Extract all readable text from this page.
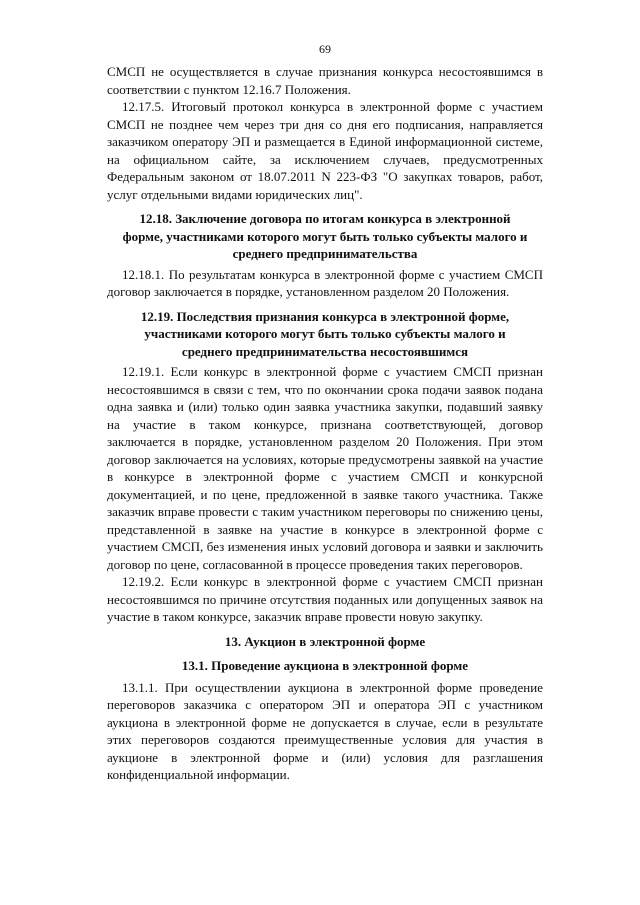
69

СМСП не осуществляется в случае признания конкурса несостоявшимся в соответствии с пунктом 12.16.7 Положения.

12.17.5. Итоговый протокол конкурса в электронной форме с участием СМСП не позднее чем через три дня со дня его подписания, направляется заказчиком оператору ЭП и размещается в Единой информационной системе, на официальном сайте, за исключением случаев, предусмотренных Федеральным законом от 18.07.2011 N 223-ФЗ "О закупках товаров, работ, услуг отдельными видами юридических лиц".

12.18. Заключение договора по итогам конкурса в электронной форме, участниками которого могут быть только субъекты малого и среднего предпринимательства

12.18.1. По результатам конкурса в электронной форме с участием СМСП договор заключается в порядке, установленном разделом 20 Положения.

12.19. Последствия признания конкурса в электронной форме, участниками которого могут быть только субъекты малого и среднего предпринимательства несостоявшимся

12.19.1. Если конкурс в электронной форме с участием СМСП признан несостоявшимся в связи с тем, что по окончании срока подачи заявок подана одна заявка и (или) только один заявка участника закупки, подавший заявку на участие в таком конкурсе, признана соответствующей, договор заключается в порядке, установленном разделом 20 Положения. При этом договор заключается на условиях, которые предусмотрены заявкой на участие в конкурсе в электронной форме с участием СМСП и конкурсной документацией, и по цене, предложенной в заявке такого участника. Также заказчик вправе провести с таким участником переговоры по снижению цены, представленной в заявке на участие в конкурсе в электронной форме с участием СМСП, без изменения иных условий договора и заявки и заключить договор по цене, согласованной в процессе проведения таких переговоров.

12.19.2. Если конкурс в электронной форме с участием СМСП признан несостоявшимся по причине отсутствия поданных или допущенных заявок на участие в таком конкурсе, заказчик вправе провести новую закупку.

13. Аукцион в электронной форме
13.1. Проведение аукциона в электронной форме

13.1.1. При осуществлении аукциона в электронной форме проведение переговоров заказчика с оператором ЭП и оператора ЭП с участником аукциона в электронной форме не допускается в случае, если в результате этих переговоров создаются преимущественные условия для участия в аукционе в электронной форме и (или) условия для разглашения конфиденциальной информации.
